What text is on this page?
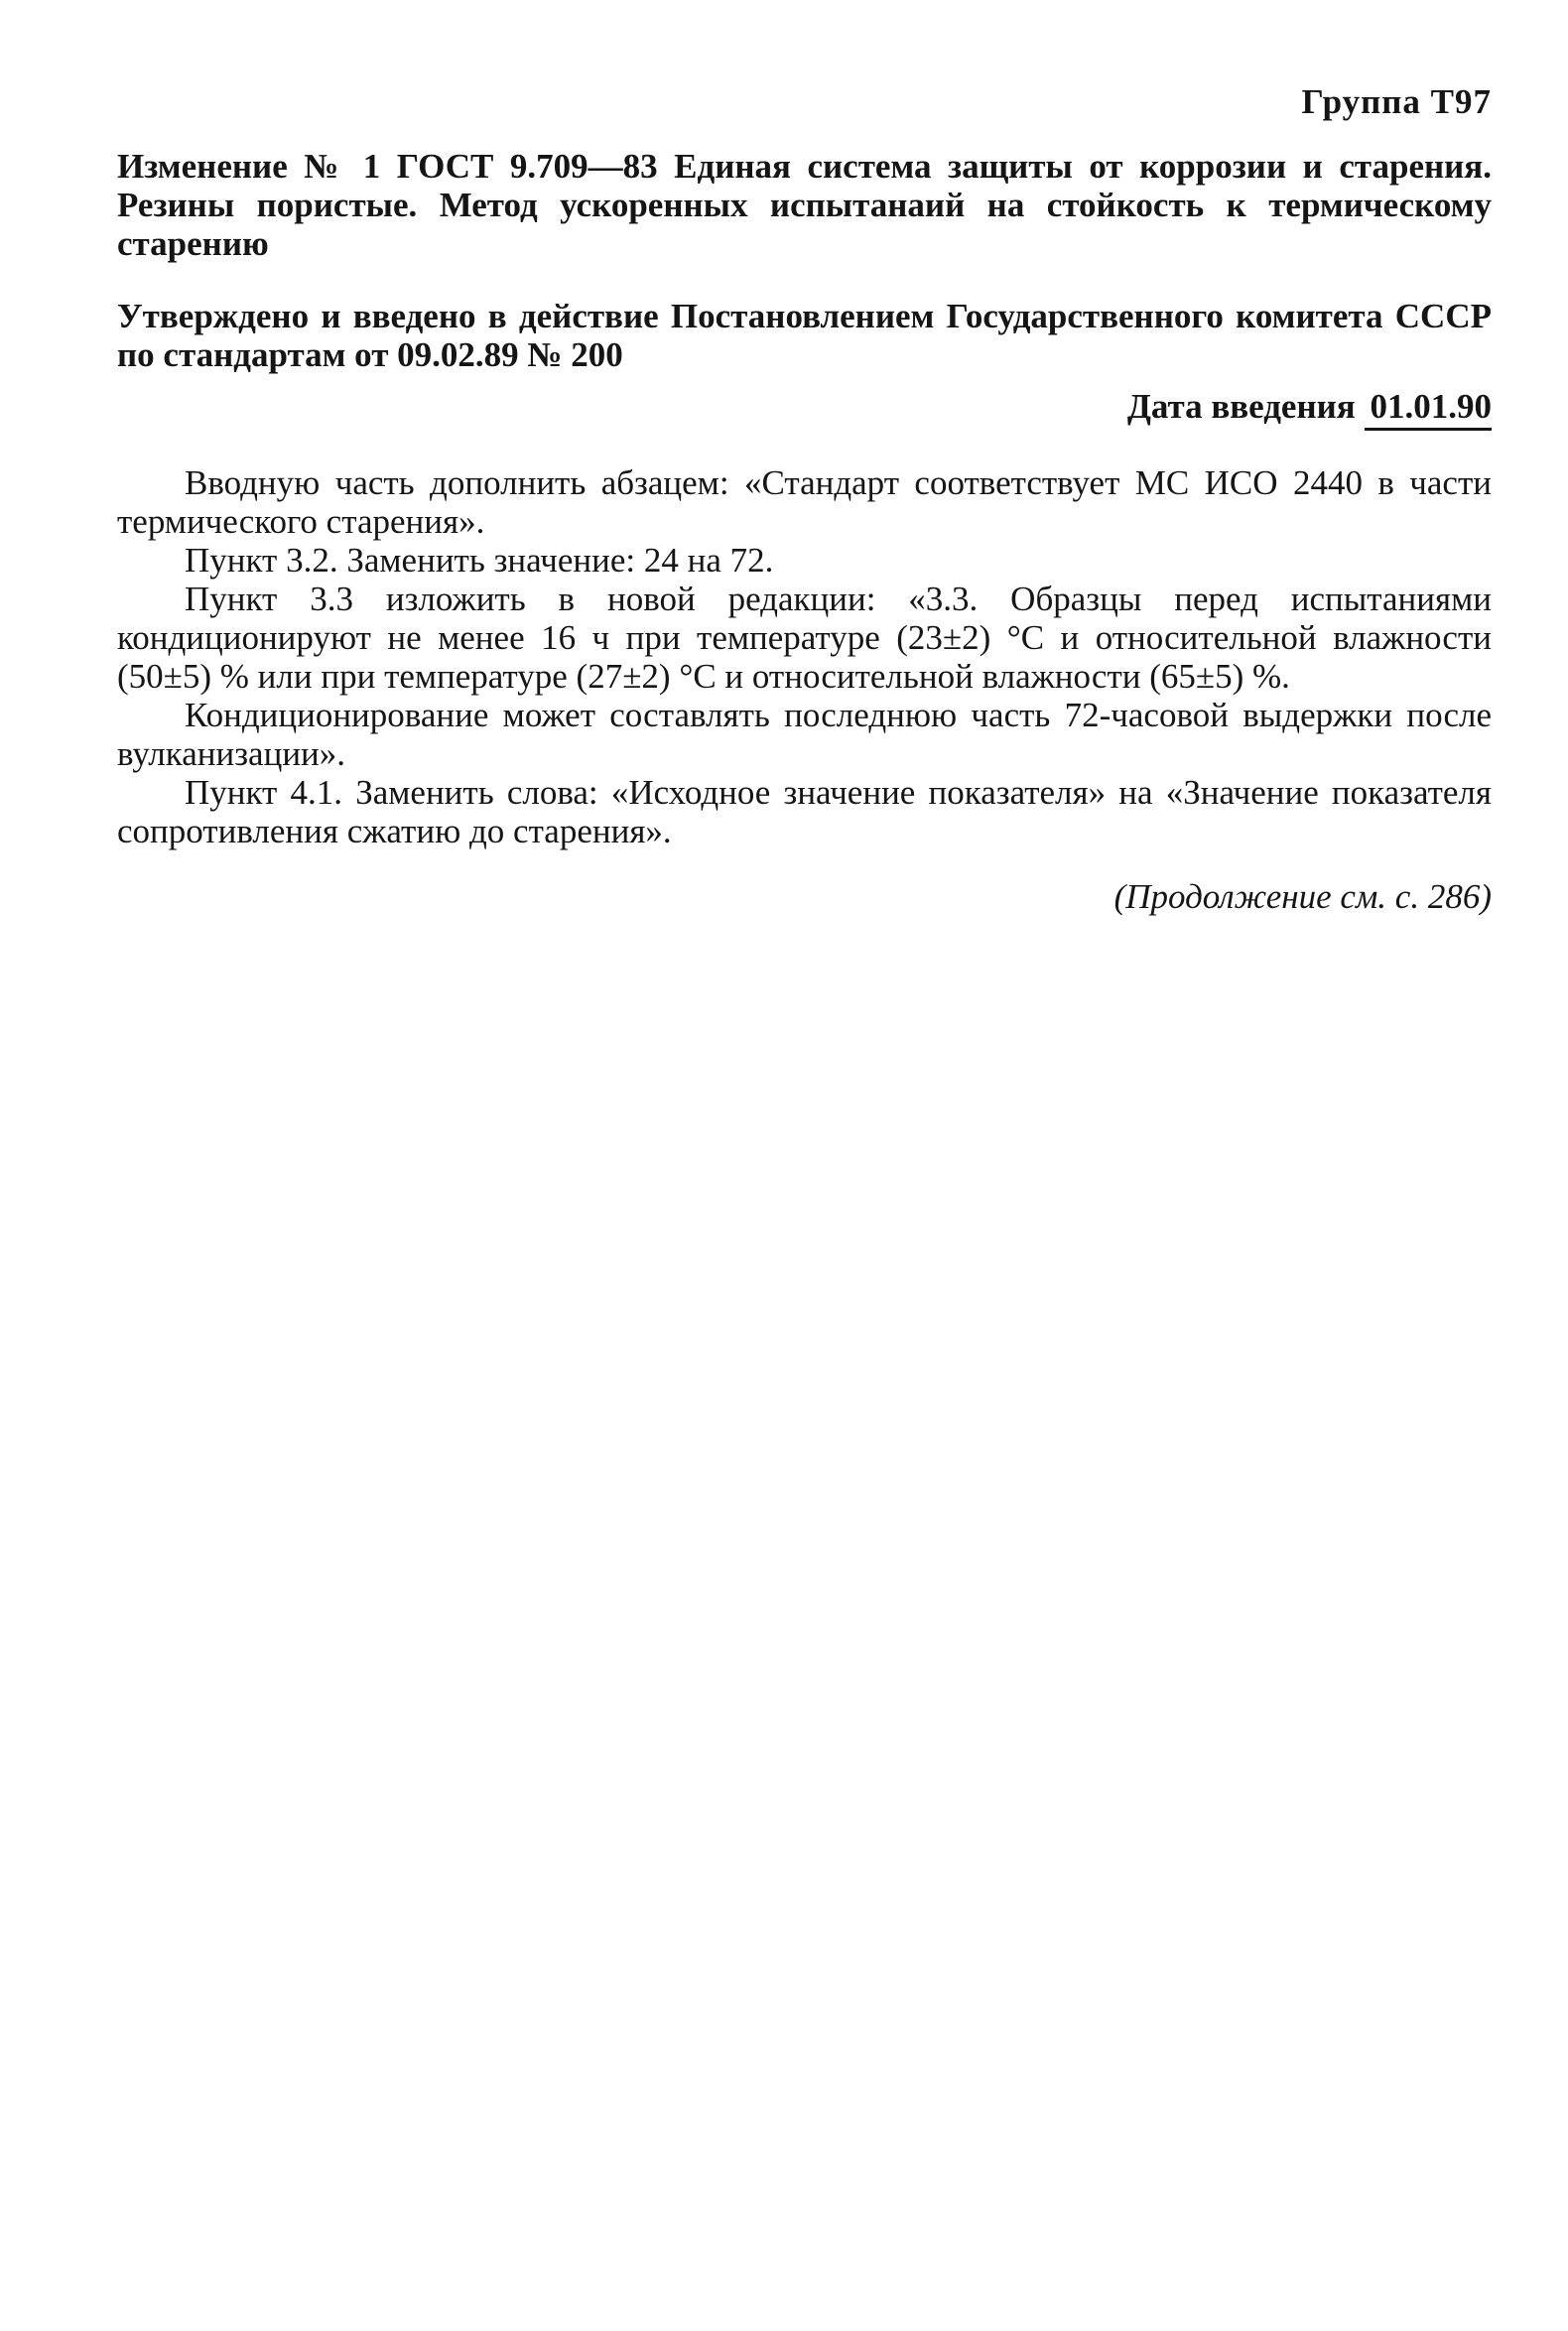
Группа Т97

Изменение № 1 ГОСТ 9.709—83 Единая система защиты от коррозии и старения. Резины пористые. Метод ускоренных испытанаий на стойкость к термическому старению

Утверждено и введено в действие Постановлением Государственного комитета СССР по стандартам от 09.02.89 № 200

Дата введения 01.01.90

Вводную часть дополнить абзацем: «Стандарт соответствует МС ИСО 2440 в части термического старения».

Пункт 3.2. Заменить значение: 24 на 72.

Пункт 3.3 изложить в новой редакции: «3.3. Образцы перед испытаниями кондиционируют не менее 16 ч при температуре (23±2) °С и относительной влажности (50±5) % или при температуре (27±2) °С и относительной влажности (65±5) %.

Кондиционирование может составлять последнюю часть 72-часовой выдержки после вулканизации».

Пункт 4.1. Заменить слова: «Исходное значение показателя» на «Значение показателя сопротивления сжатию до старения».

(Продолжение см. с. 286)
